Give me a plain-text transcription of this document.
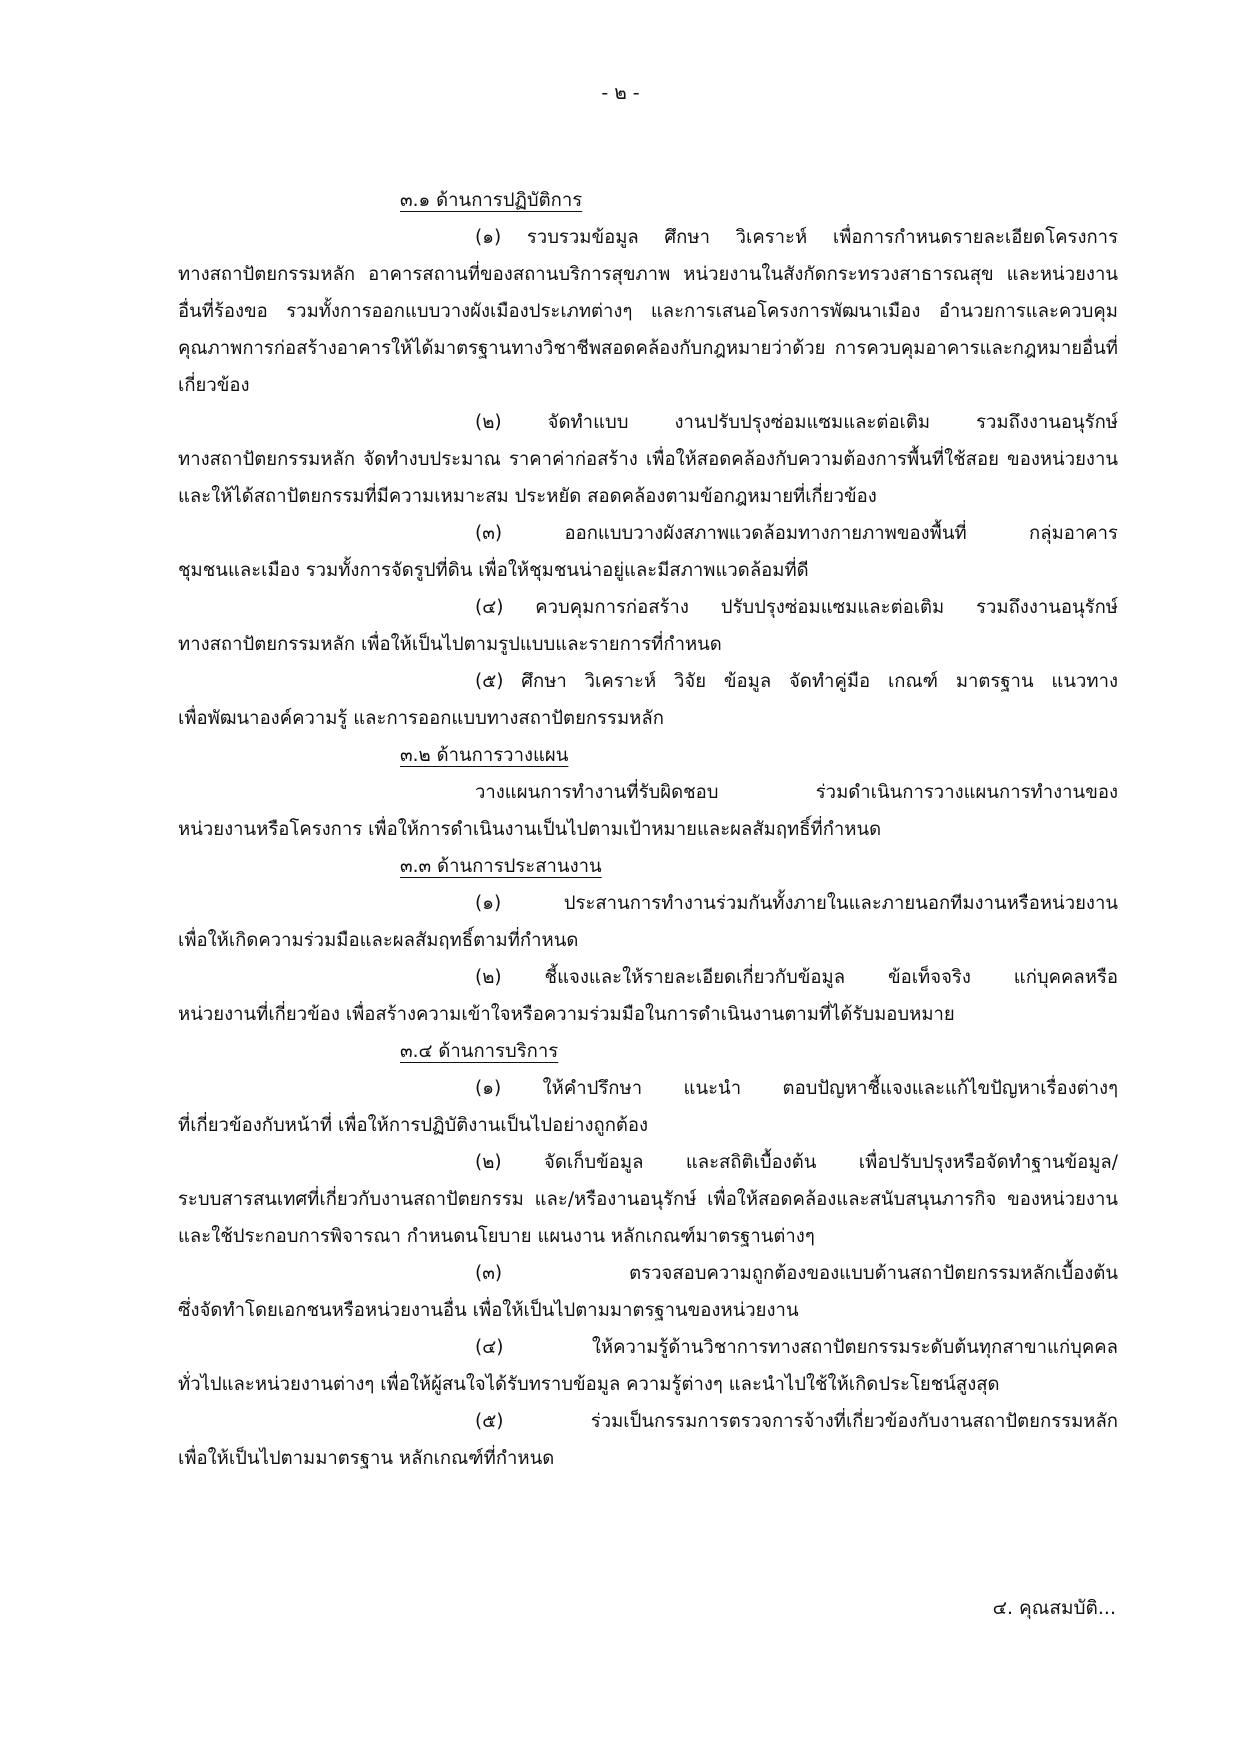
- ๒ -

๓.๑ ด้านการปฏิบัติการ

(๑) รวบรวมข้อมูล ศึกษา วิเคราะห์ เพื่อการกำหนดรายละเอียดโครงการ
ทางสถาปัตยกรรมหลัก อาคารสถานที่ของสถานบริการสุขภาพ หน่วยงานในสังกัดกระทรวงสาธารณสุข และหน่วยงานอื่นที่ร้องขอ รวมทั้งการออกแบบวางผังเมืองประเภทต่างๆ และการเสนอโครงการพัฒนาเมือง อำนวยการและควบคุมคุณภาพการก่อสร้างอาคารให้ได้มาตรฐานทางวิชาชีพสอดคล้องกับกฎหมายว่าด้วย การควบคุมอาคารและกฎหมายอื่นที่เกี่ยวข้อง

(๒) จัดทำแบบ งานปรับปรุงซ่อมแซมและต่อเติม รวมถึงงานอนุรักษ์
ทางสถาปัตยกรรมหลัก จัดทำงบประมาณ ราคาค่าก่อสร้าง เพื่อให้สอดคล้องกับความต้องการพื้นที่ใช้สอย ของหน่วยงาน และให้ได้สถาปัตยกรรมที่มีความเหมาะสม ประหยัด สอดคล้องตามข้อกฎหมายที่เกี่ยวข้อง

(๓) ออกแบบวางผังสภาพแวดล้อมทางกายภาพของพื้นที่ กลุ่มอาคาร
ชุมชนและเมือง รวมทั้งการจัดรูปที่ดิน เพื่อให้ชุมชนน่าอยู่และมีสภาพแวดล้อมที่ดี

(๔) ควบคุมการก่อสร้าง ปรับปรุงซ่อมแซมและต่อเติม รวมถึงงานอนุรักษ์
ทางสถาปัตยกรรมหลัก เพื่อให้เป็นไปตามรูปแบบและรายการที่กำหนด

(๕) ศึกษา วิเคราะห์ วิจัย ข้อมูล จัดทำคู่มือ เกณฑ์ มาตรฐาน แนวทาง
เพื่อพัฒนาองค์ความรู้ และการออกแบบทางสถาปัตยกรรมหลัก

๓.๒ ด้านการวางแผน

วางแผนการทำงานที่รับผิดชอบ ร่วมดำเนินการวางแผนการทำงานของ
หน่วยงานหรือโครงการ เพื่อให้การดำเนินงานเป็นไปตามเป้าหมายและผลสัมฤทธิ์ที่กำหนด

๓.๓ ด้านการประสานงาน

(๑) ประสานการทำงานร่วมกันทั้งภายในและภายนอกทีมงานหรือหน่วยงาน
เพื่อให้เกิดความร่วมมือและผลสัมฤทธิ์ตามที่กำหนด

(๒) ชี้แจงและให้รายละเอียดเกี่ยวกับข้อมูล ข้อเท็จจริง แก่บุคคลหรือ
หน่วยงานที่เกี่ยวข้อง เพื่อสร้างความเข้าใจหรือความร่วมมือในการดำเนินงานตามที่ได้รับมอบหมาย

๓.๔ ด้านการบริการ

(๑) ให้คำปรึกษา แนะนำ ตอบปัญหาชี้แจงและแก้ไขปัญหาเรื่องต่างๆ
ที่เกี่ยวข้องกับหน้าที่ เพื่อให้การปฏิบัติงานเป็นไปอย่างถูกต้อง

(๒) จัดเก็บข้อมูล และสถิติเบื้องต้น เพื่อปรับปรุงหรือจัดทำฐานข้อมูล/
ระบบสารสนเทศที่เกี่ยวกับงานสถาปัตยกรรม และ/หรืองานอนุรักษ์ เพื่อให้สอดคล้องและสนับสนุนภารกิจ ของหน่วยงาน และใช้ประกอบการพิจารณา กำหนดนโยบาย แผนงาน หลักเกณฑ์มาตรฐานต่างๆ

(๓) ตรวจสอบความถูกต้องของแบบด้านสถาปัตยกรรมหลักเบื้องต้น
ซึ่งจัดทำโดยเอกชนหรือหน่วยงานอื่น เพื่อให้เป็นไปตามมาตรฐานของหน่วยงาน

(๔) ให้ความรู้ด้านวิชาการทางสถาปัตยกรรมระดับต้นทุกสาขาแก่บุคคล
ทั่วไปและหน่วยงานต่างๆ เพื่อให้ผู้สนใจได้รับทราบข้อมูล ความรู้ต่างๆ และนำไปใช้ให้เกิดประโยชน์สูงสุด

(๕) ร่วมเป็นกรรมการตรวจการจ้างที่เกี่ยวข้องกับงานสถาปัตยกรรมหลัก
เพื่อให้เป็นไปตามมาตรฐาน หลักเกณฑ์ที่กำหนด

๔. คุณสมบัติ...
